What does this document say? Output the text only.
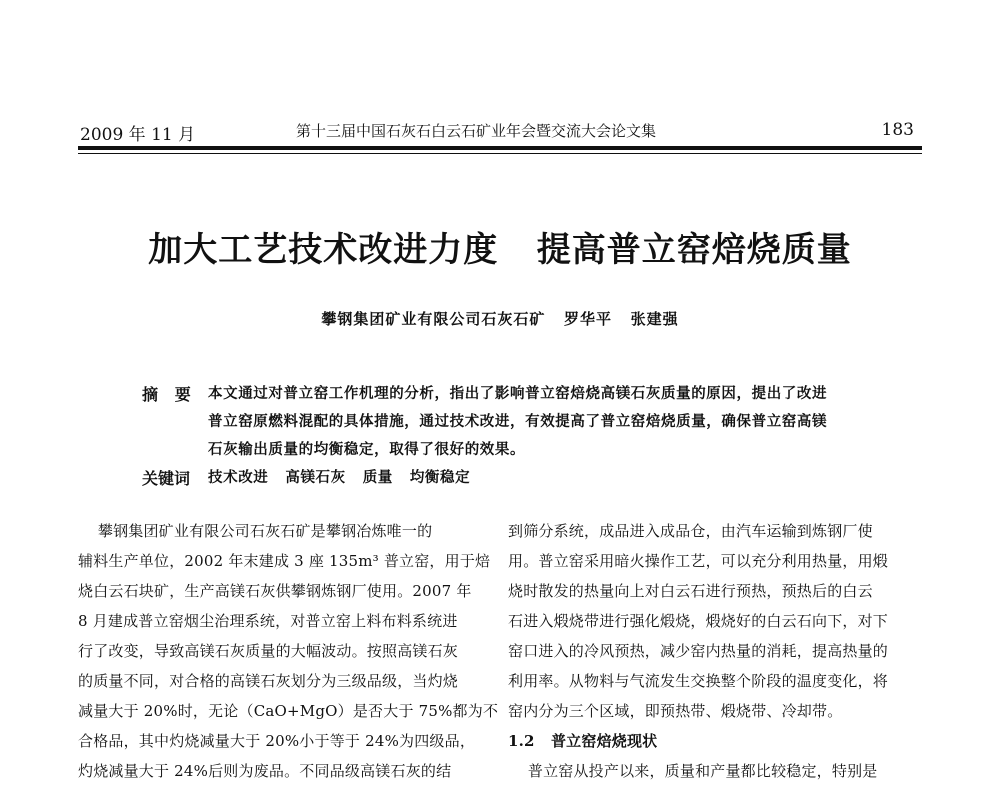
2009 年 11 月	第十三届中国石灰石白云石矿业年会暨交流大会论文集	183
加大工艺技术改进力度   提高普立窑焙烧质量
攀钢集团矿业有限公司石灰石矿   罗华平   张建强
摘   要 本文通过对普立窑工作机理的分析，指出了影响普立窑焙烧高镁石灰质量的原因，提出了改进
普立窑原燃料混配的具体措施，通过技术改进，有效提高了普立窑焙烧质量，确保普立窑高镁
石灰输出质量的均衡稳定，取得了很好的效果。
关键词 技术改进   高镁石灰   质量   均衡稳定
攀钢集团矿业有限公司石灰石矿是攀钢冶炼唯一的
辅料生产单位，2002 年末建成 3 座 135m³ 普立窑，用于焙
烧白云石块矿，生产高镁石灰供攀钢炼钢厂使用。2007 年
8 月建成普立窑烟尘治理系统，对普立窑上料布料系统进
行了改变，导致高镁石灰质量的大幅波动。按照高镁石灰
的质量不同，对合格的高镁石灰划分为三级品级，当灼烧
减量大于 20%时，无论（CaO+MgO）是否大于 75%都为不
合格品，其中灼烧减量大于 20%小于等于 24%为四级品，
灼烧减量大于 24%后则为废品。不同品级高镁石灰的结
到筛分系统，成品进入成品仓，由汽车运输到炼钢厂使
用。普立窑采用暗火操作工艺，可以充分利用热量，用煅
烧时散发的热量向上对白云石进行预热，预热后的白云
石进入煅烧带进行强化煅烧，煅烧好的白云石向下，对下
窑口进入的冷风预热，减少窑内热量的消耗，提高热量的
利用率。从物料与气流发生交换整个阶段的温度变化，将
窑内分为三个区域，即预热带、煅烧带、冷却带。
1.2   普立窑焙烧现状
普立窑从投产以来，质量和产量都比较稳定，特别是
